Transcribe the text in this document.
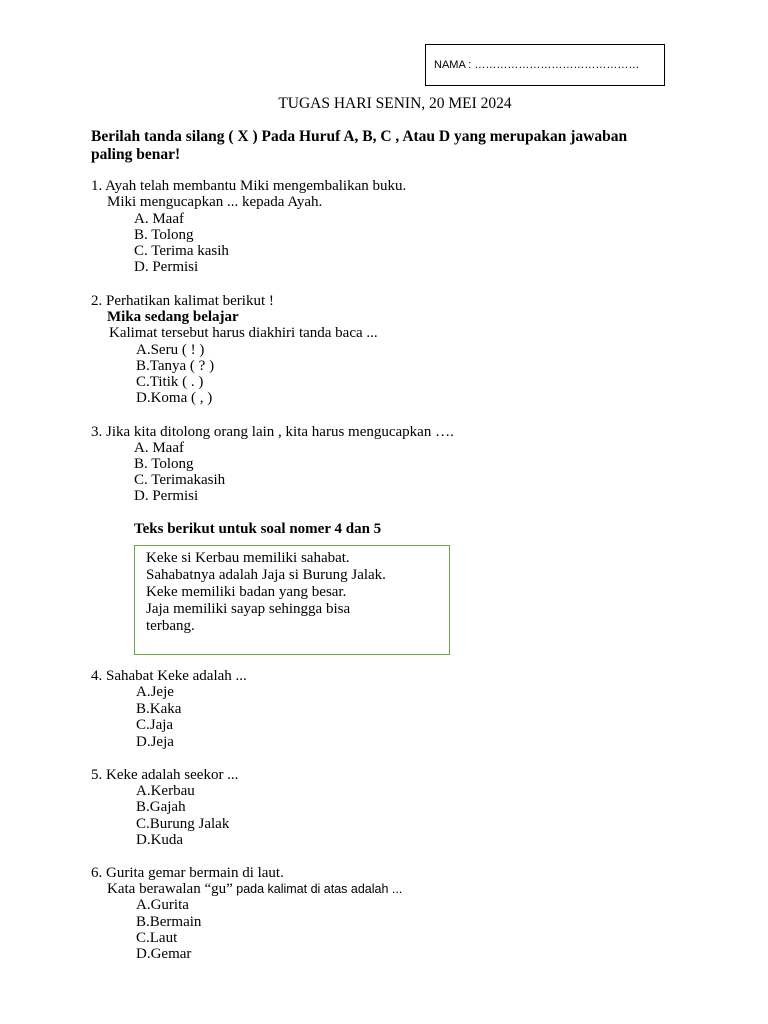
NAMA : ………………………………………
TUGAS HARI SENIN, 20 MEI 2024
Berilah tanda silang ( X ) Pada Huruf A, B, C , Atau D yang merupakan jawaban paling benar!
1. Ayah telah membantu Miki mengembalikan buku.
Miki mengucapkan ... kepada Ayah.
A. Maaf
B. Tolong
C. Terima kasih
D. Permisi
2. Perhatikan kalimat berikut !
Mika sedang belajar
Kalimat tersebut harus diakhiri tanda baca ...
A.Seru ( ! )
B.Tanya ( ? )
C.Titik ( . )
D.Koma ( , )
3. Jika kita ditolong orang lain , kita harus mengucapkan ….
A. Maaf
B. Tolong
C. Terimakasih
D. Permisi
Teks berikut untuk soal nomer 4 dan 5
Keke si Kerbau memiliki sahabat.
Sahabatnya adalah Jaja si Burung Jalak.
Keke memiliki badan yang besar.
Jaja memiliki sayap sehingga bisa
terbang.
4. Sahabat Keke adalah ...
A.Jeje
B.Kaka
C.Jaja
D.Jeja
5. Keke adalah seekor ...
A.Kerbau
B.Gajah
C.Burung Jalak
D.Kuda
6. Gurita gemar bermain di laut.
Kata berawalan “gu” pada kalimat di atas adalah ...
A.Gurita
B.Bermain
C.Laut
D.Gemar
